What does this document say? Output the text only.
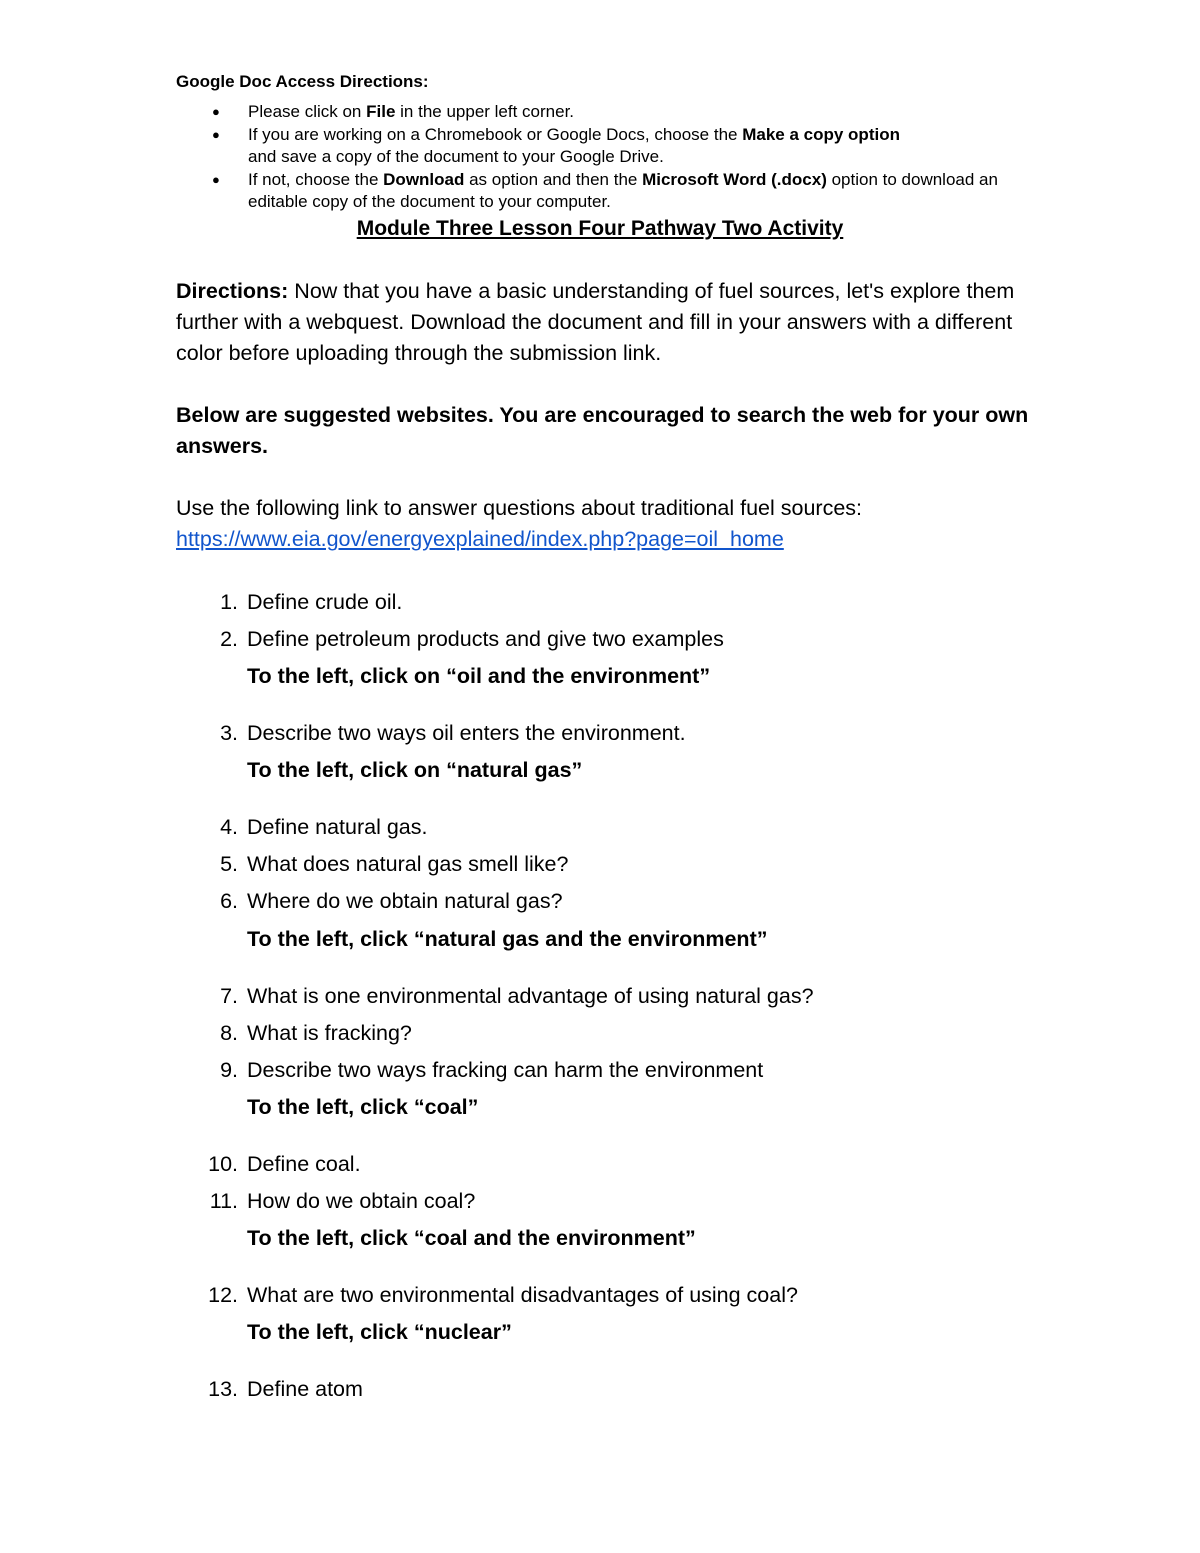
Google Doc Access Directions:
● Please click on File in the upper left corner.
● If you are working on a Chromebook or Google Docs, choose the Make a copy option
and save a copy of the document to your Google Drive.
● If not, choose the Download as option and then the Microsoft Word (.docx) option to download an editable copy of the document to your computer.
Module Three Lesson Four Pathway Two Activity
Directions: Now that you have a basic understanding of fuel sources, let's explore them further with a webquest. Download the document and fill in your answers with a different color before uploading through the submission link.
Below are suggested websites. You are encouraged to search the web for your own answers.
Use the following link to answer questions about traditional fuel sources:
https://www.eia.gov/energyexplained/index.php?page=oil_home
1. Define crude oil.
2. Define petroleum products and give two examples
To the left, click on “oil and the environment”
3. Describe two ways oil enters the environment.
To the left, click on “natural gas”
4. Define natural gas.
5. What does natural gas smell like?
6. Where do we obtain natural gas?
To the left, click “natural gas and the environment”
7. What is one environmental advantage of using natural gas?
8. What is fracking?
9. Describe two ways fracking can harm the environment
To the left, click “coal”
10. Define coal.
11. How do we obtain coal?
To the left, click “coal and the environment”
12. What are two environmental disadvantages of using coal?
To the left, click “nuclear”
13. Define atom
